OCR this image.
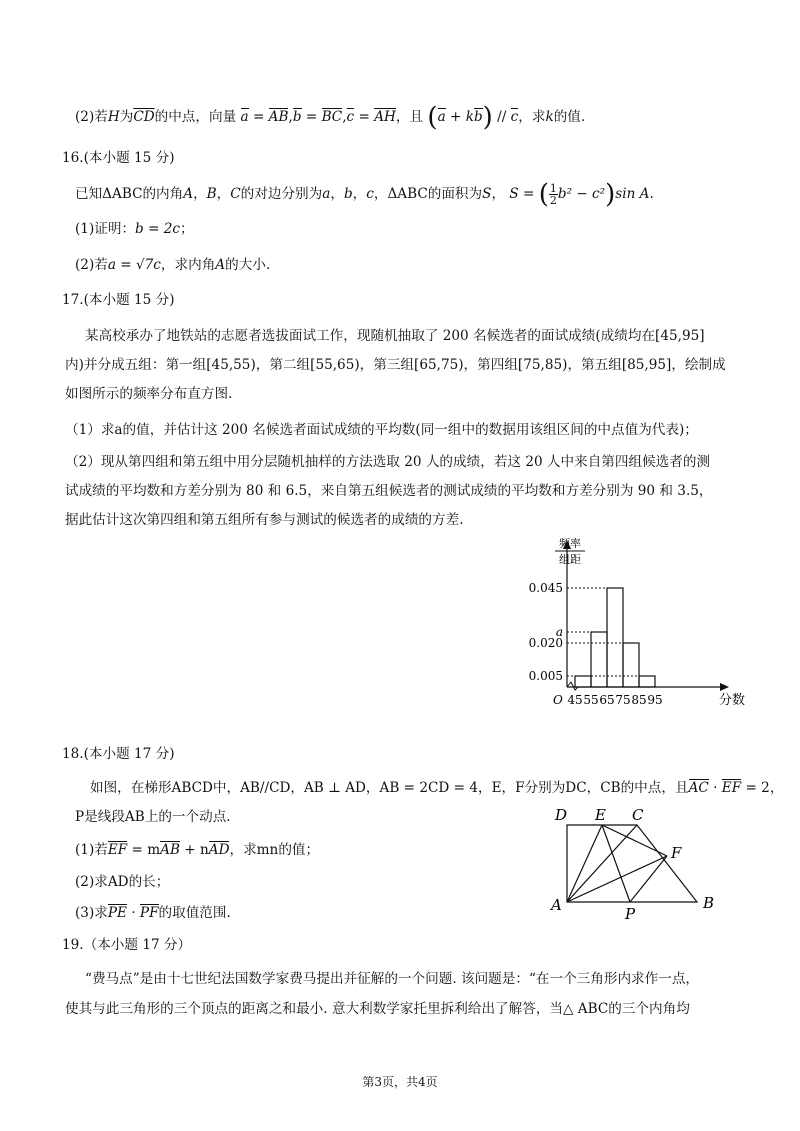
(2)若H为$\overline{CD}$的中点，向量 a = AB,b = BC,c = AH，且 (a + kb) // c，求k的值.
16.(本小题 15 分)
已知ΔABC的内角A，B，C的对边分别为a，b，c，ΔABC的面积为S， S = ( $\frac{1}{2} b^2 - c^2)\sin$ A.
(1)证明：b = 2c；
(2)若a = √7c，求内角A的大小.
17.(本小题 15 分)
某高校承办了地铁站的志愿者选拔面试工作，现随机抽取了 200 名候选者的面试成绩(成绩均在[45,95]
内)并分成五组：第一组[45,55)，第二组[55,65)，第三组[65,75)，第四组[75,85)，第五组[85,95]，绘制成
如图所示的频率分布直方图.
（1）求a的值，并估计这 200 名候选者面试成绩的平均数(同一组中的数据用该组区间的中点值为代表)；
（2）现从第四组和第五组中用分层随机抽样的方法选取 20 人的成绩，若这 20 人中来自第四组候选者的测
试成绩的平均数和方差分别为 80 和 6.5，来自第五组候选者的测试成绩的平均数和方差分别为 90 和 3.5，
据此估计这次第四组和第五组所有参与测试的候选者的成绩的方差.
0.045
a
0.020
0.005
45 55 65 75 85 95
O	分数
频率
组距
18.(本小题 17 分)
如图，在梯形ABCD中，AB//CD，AB ⊥ AD，AB = 2CD = 4，E，F分别为DC，CB的中点，且AC · EF = 2，
P是线段AB上的一个动点.
(1)若EF = mAB + nAD，求mn的值；
(2)求AD的长；
(3)求PE · PF的取值范围.
D E C
F
A	P
B
19.（本小题 17 分）
“费马点”是由十七世纪法国数学家费马提出并征解的一个问题. 该问题是：“在一个三角形内求作一点，
使其与此三角形的三个顶点的距离之和最小. 意大利数学家托里拆利给出了解答，当△ ABC的三个内角均
第3页，共4页
